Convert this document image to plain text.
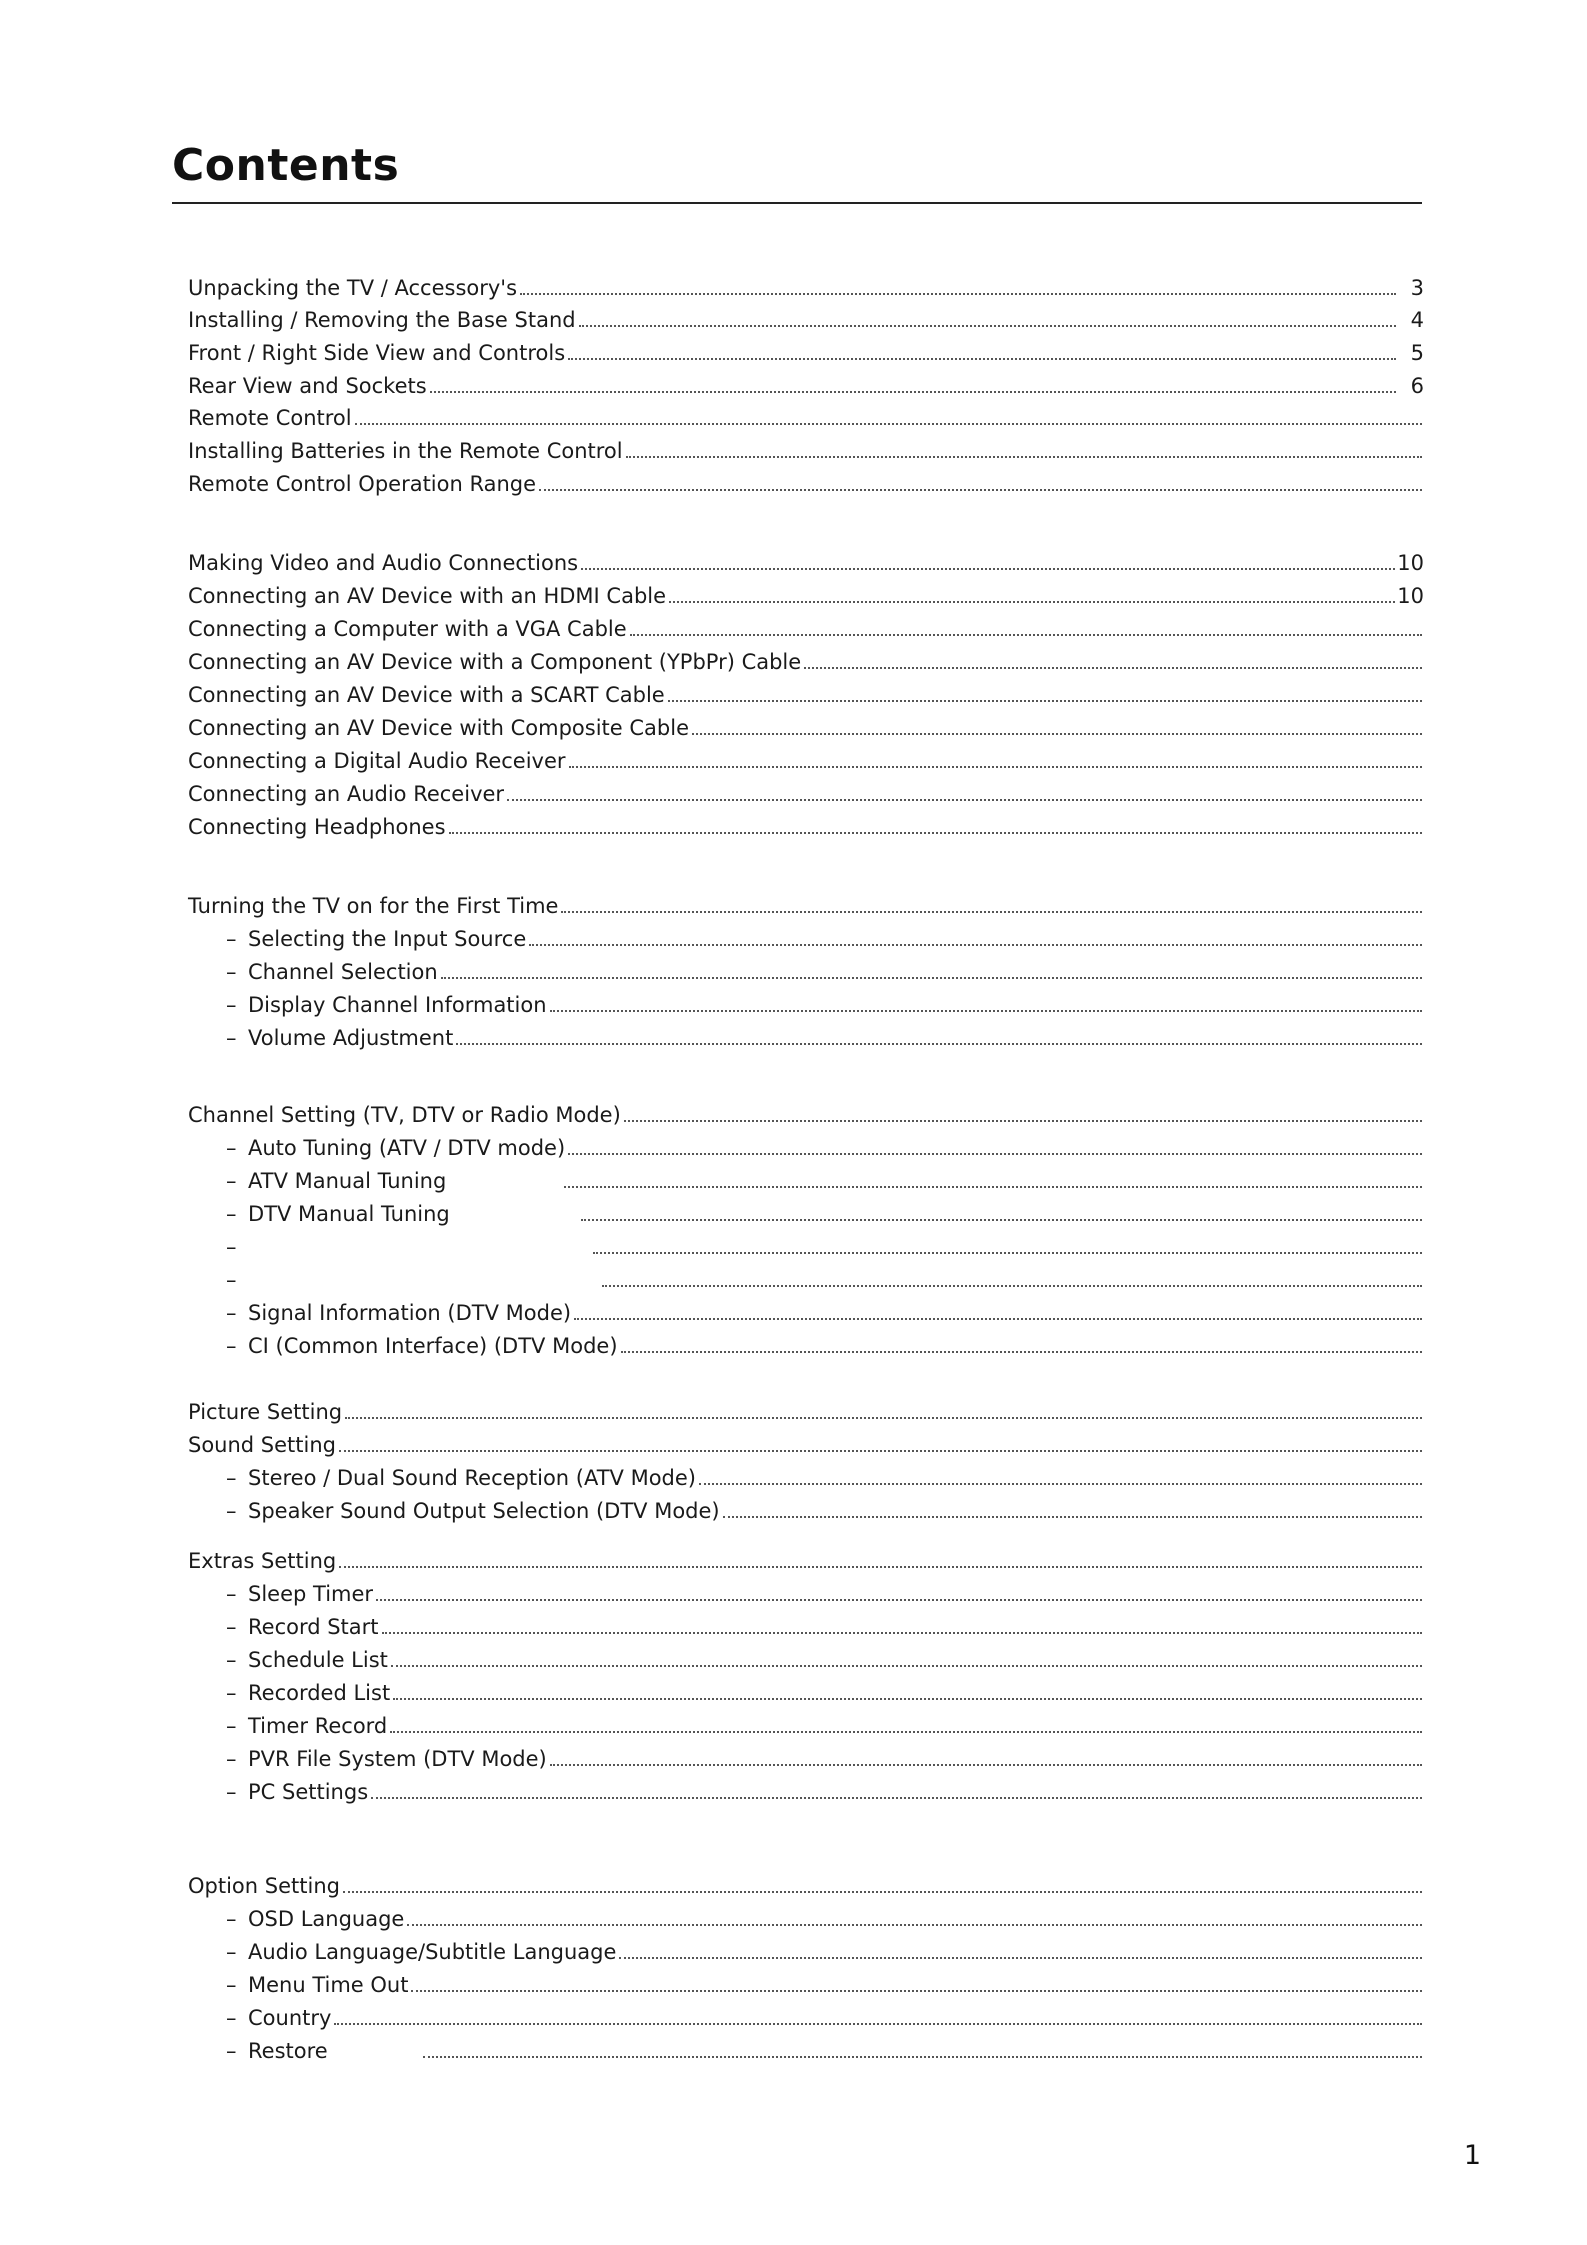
Contents
Unpacking the TV / Accessory's	3
Installing / Removing the Base Stand	4
Front / Right Side View and Controls	5
Rear View and Sockets	6
Remote Control
Installing Batteries in the Remote Control
Remote Control Operation Range
Making Video and Audio Connections	10
Connecting an AV Device with an HDMI Cable	10
Connecting a Computer with a VGA Cable
Connecting an AV Device with a Component (YPbPr) Cable
Connecting an AV Device with a SCART Cable
Connecting an AV Device with Composite Cable
Connecting a Digital Audio Receiver
Connecting an Audio Receiver
Connecting Headphones
Turning the TV on for the First Time
– Selecting the Input Source
– Channel Selection
– Display Channel Information
– Volume Adjustment
Channel Setting (TV, DTV or Radio Mode)
– Auto Tuning (ATV / DTV mode)
– ATV Manual Tuning
– DTV Manual Tuning
–
–
– Signal Information (DTV Mode)
– CI (Common Interface) (DTV Mode)
Picture Setting
Sound Setting
– Stereo / Dual Sound Reception (ATV Mode)
– Speaker Sound Output Selection (DTV Mode)
Extras Setting
– Sleep Timer
– Record Start
– Schedule List
– Recorded List
– Timer Record
– PVR File System (DTV Mode)
– PC Settings
Option Setting
– OSD Language
– Audio Language/Subtitle Language
– Menu Time Out
– Country
– Restore
1
